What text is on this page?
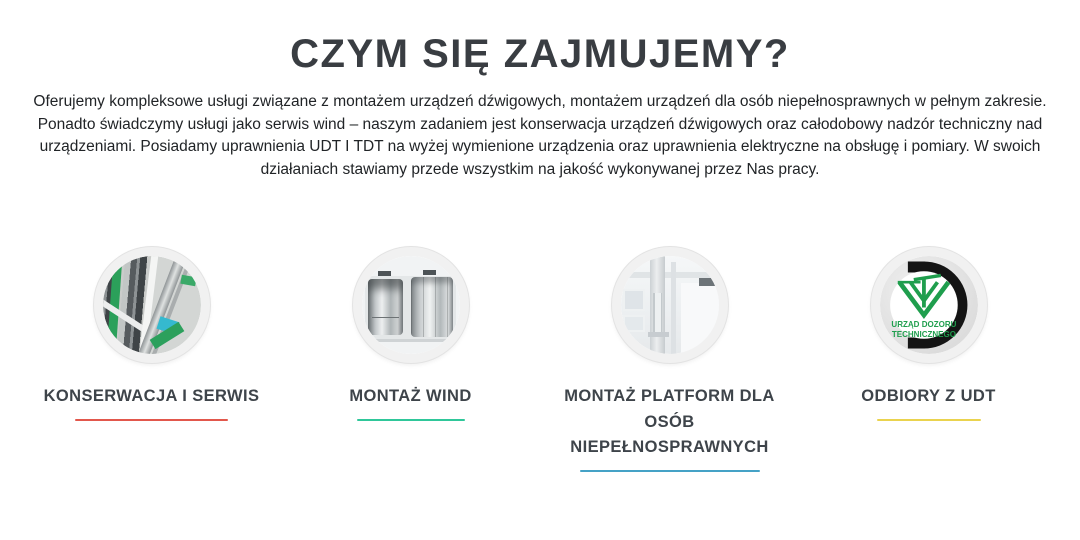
CZYM SIĘ ZAJMUJEMY?

Oferujemy kompleksowe usługi związane z montażem urządzeń dźwigowych, montażem urządzeń dla osób niepełnosprawnych w pełnym zakresie. Ponadto świadczymy usługi jako serwis wind – naszym zadaniem jest konserwacja urządzeń dźwigowych oraz całodobowy nadzór techniczny nad urządzeniami. Posiadamy uprawnienia UDT I TDT na wyżej wymienione urządzenia oraz uprawnienia elektryczne na obsługę i pomiary. W swoich działaniach stawiamy przede wszystkim na jakość wykonywanej przez Nas pracy.

KONSERWACJA I SERWIS	MONTAŻ WIND	MONTAŻ PLATFORM DLA OSÓB NIEPEŁNOSPRAWNYCH
URZĄD DOZORU
TECHNICZNEGO
ODBIORY Z UDT
